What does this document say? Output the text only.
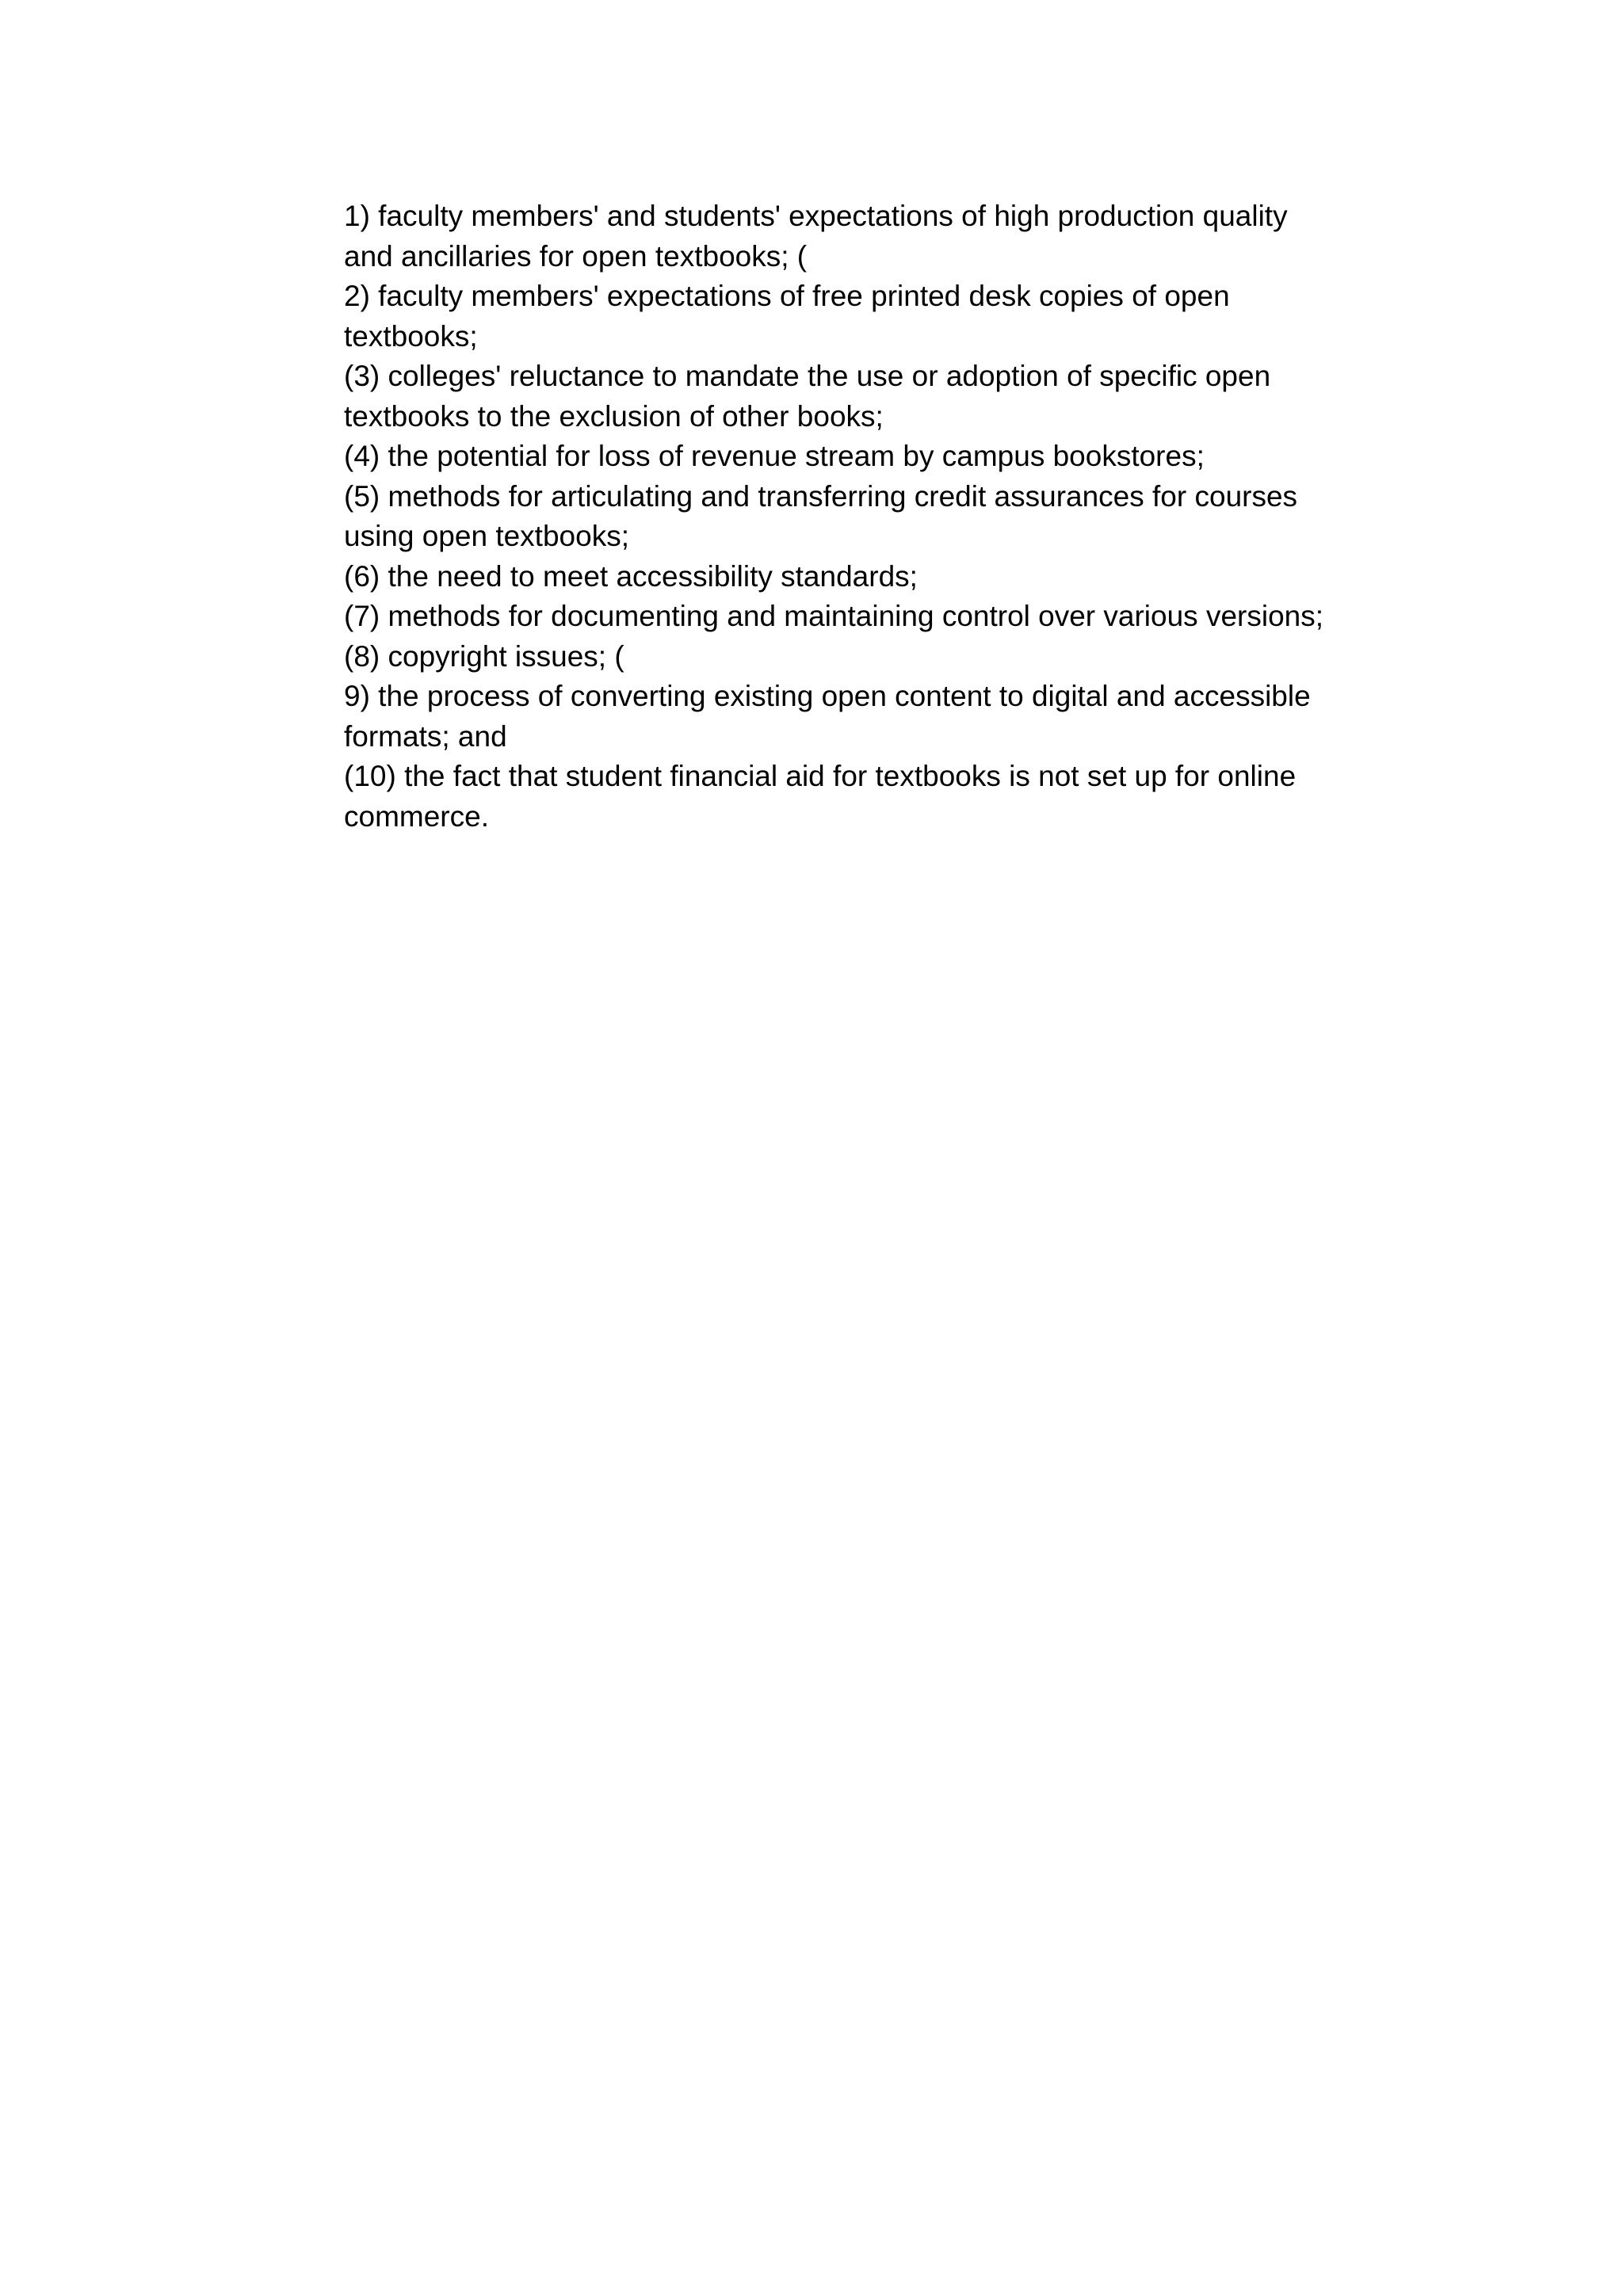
1) faculty members' and students' expectations of high production quality
and ancillaries for open textbooks; (
2) faculty members' expectations of free printed desk copies of open
textbooks;
(3) colleges' reluctance to mandate the use or adoption of specific open
textbooks to the exclusion of other books;
(4) the potential for loss of revenue stream by campus bookstores;
(5) methods for articulating and transferring credit assurances for courses
using open textbooks;
(6) the need to meet accessibility standards;
(7) methods for documenting and maintaining control over various versions;
(8) copyright issues; (
9) the process of converting existing open content to digital and accessible
formats; and
(10) the fact that student financial aid for textbooks is not set up for online
commerce.
